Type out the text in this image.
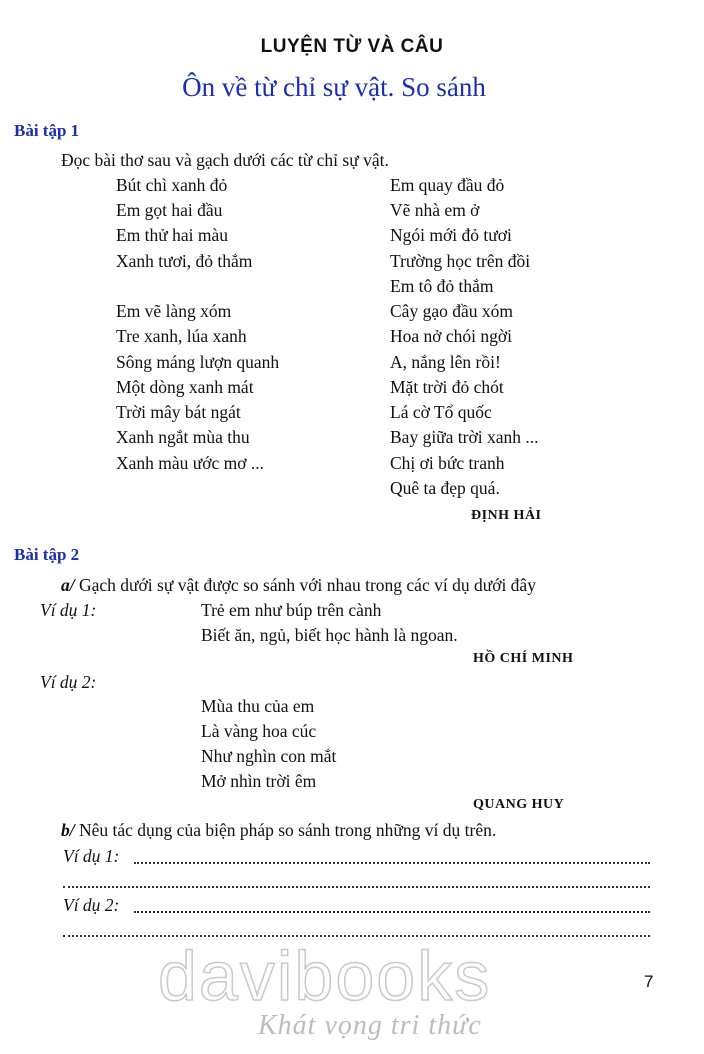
LUYỆN TỪ VÀ CÂU
Ôn về từ chỉ sự vật. So sánh
Bài tập 1
Đọc bài thơ sau và gạch dưới các từ chỉ sự vật.
Bút chì xanh đỏ
Em gọt hai đầu
Em thử hai màu
Xanh tươi, đỏ thắm
Em vẽ làng xóm
Tre xanh, lúa xanh
Sông máng lượn quanh
Một dòng xanh mát
Trời mây bát ngát
Xanh ngắt mùa thu
Xanh màu ước mơ ...
Em quay đầu đỏ
Vẽ nhà em ở
Ngói mới đỏ tươi
Trường học trên đồi
Em tô đỏ thắm
Cây gạo đầu xóm
Hoa nở chói ngời
A, nắng lên rồi!
Mặt trời đỏ chót
Lá cờ Tổ quốc
Bay giữa trời xanh ...
Chị ơi bức tranh
Quê ta đẹp quá.
ĐỊNH HẢI
Bài tập 2
a/ Gạch dưới sự vật được so sánh với nhau trong các ví dụ dưới đây
Ví dụ 1:	Trẻ em như búp trên cành
Biết ăn, ngủ, biết học hành là ngoan.
HỒ CHÍ MINH
Ví dụ 2:
Mùa thu của em
Là vàng hoa cúc
Như nghìn con mắt
Mở nhìn trời êm
QUANG HUY
b/ Nêu tác dụng của biện pháp so sánh trong những ví dụ trên.
Ví dụ 1:
Ví dụ 2:
7
davibooks
Khát vọng tri thức
